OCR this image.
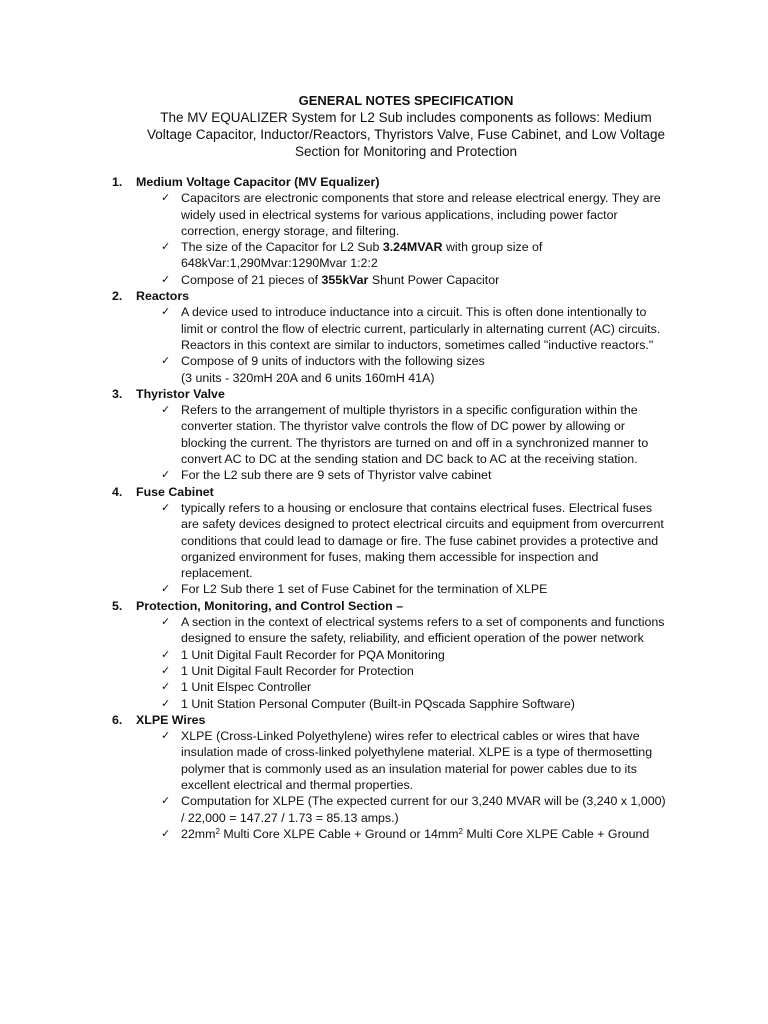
GENERAL NOTES SPECIFICATION
The MV EQUALIZER System for L2 Sub includes components as follows: Medium
Voltage Capacitor, Inductor/Reactors, Thyristors Valve, Fuse Cabinet, and Low Voltage
Section for Monitoring and Protection
1. Medium Voltage Capacitor (MV Equalizer)
✓ Capacitors are electronic components that store and release electrical energy. They are
widely used in electrical systems for various applications, including power factor
correction, energy storage, and filtering.
✓ The size of the Capacitor for L2 Sub 3.24MVAR with group size of
648kVar:1,290Mvar:1290Mvar 1:2:2
✓ Compose of 21 pieces of 355kVar Shunt Power Capacitor
2. Reactors
✓ A device used to introduce inductance into a circuit. This is often done intentionally to
limit or control the flow of electric current, particularly in alternating current (AC) circuits.
Reactors in this context are similar to inductors, sometimes called "inductive reactors."
✓ Compose of 9 units of inductors with the following sizes
(3 units - 320mH 20A and 6 units 160mH 41A)
3. Thyristor Valve
✓ Refers to the arrangement of multiple thyristors in a specific configuration within the
converter station. The thyristor valve controls the flow of DC power by allowing or
blocking the current. The thyristors are turned on and off in a synchronized manner to
convert AC to DC at the sending station and DC back to AC at the receiving station.
✓ For the L2 sub there are 9 sets of Thyristor valve cabinet
4. Fuse Cabinet
✓ typically refers to a housing or enclosure that contains electrical fuses. Electrical fuses
are safety devices designed to protect electrical circuits and equipment from overcurrent
conditions that could lead to damage or fire. The fuse cabinet provides a protective and
organized environment for fuses, making them accessible for inspection and
replacement.
✓ For L2 Sub there 1 set of Fuse Cabinet for the termination of XLPE
5. Protection, Monitoring, and Control Section –
✓ A section in the context of electrical systems refers to a set of components and functions
designed to ensure the safety, reliability, and efficient operation of the power network
✓ 1 Unit Digital Fault Recorder for PQA Monitoring
✓ 1 Unit Digital Fault Recorder for Protection
✓ 1 Unit Elspec Controller
✓ 1 Unit Station Personal Computer (Built-in PQscada Sapphire Software)
6. XLPE Wires
✓ XLPE (Cross-Linked Polyethylene) wires refer to electrical cables or wires that have
insulation made of cross-linked polyethylene material. XLPE is a type of thermosetting
polymer that is commonly used as an insulation material for power cables due to its
excellent electrical and thermal properties.
✓ Computation for XLPE (The expected current for our 3,240 MVAR will be (3,240 x 1,000)
/ 22,000 = 147.27 / 1.73 = 85.13 amps.)
✓ $22mm^2$ Multi Core XLPE Cable + Ground or $14mm^2$ Multi Core XLPE Cable + Ground
